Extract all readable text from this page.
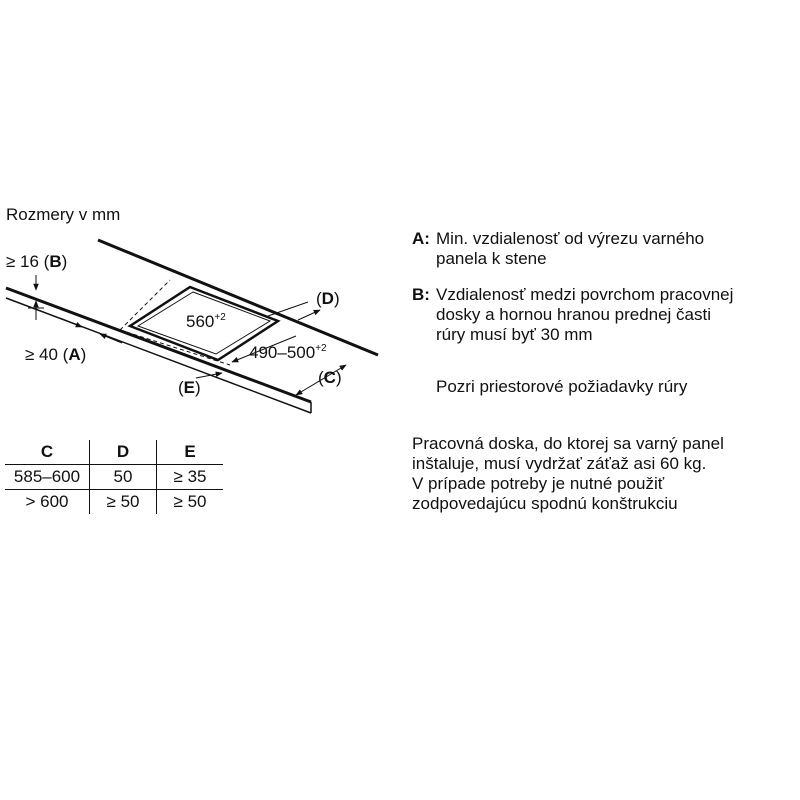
Rozmery v mm
$560^{+2}$
(D)
$490-500^{+2}$
(C)
(E)
≥ 16 (B)
≥ 40 (A)
C	D	E
585–600	50	≥ 35
> 600	≥ 50	≥ 50
A: Min. vzdialenosť od výrezu varného
panela k stene
B: Vzdialenosť medzi povrchom pracovnej
dosky a hornou hranou prednej časti
rúry musí byť 30 mm
Pozri priestorové požiadavky rúry
Pracovná doska, do ktorej sa varný panel
inštaluje, musí vydržať záťaž asi 60 kg.
V prípade potreby je nutné použiť
zodpovedajúcu spodnú konštrukciu
